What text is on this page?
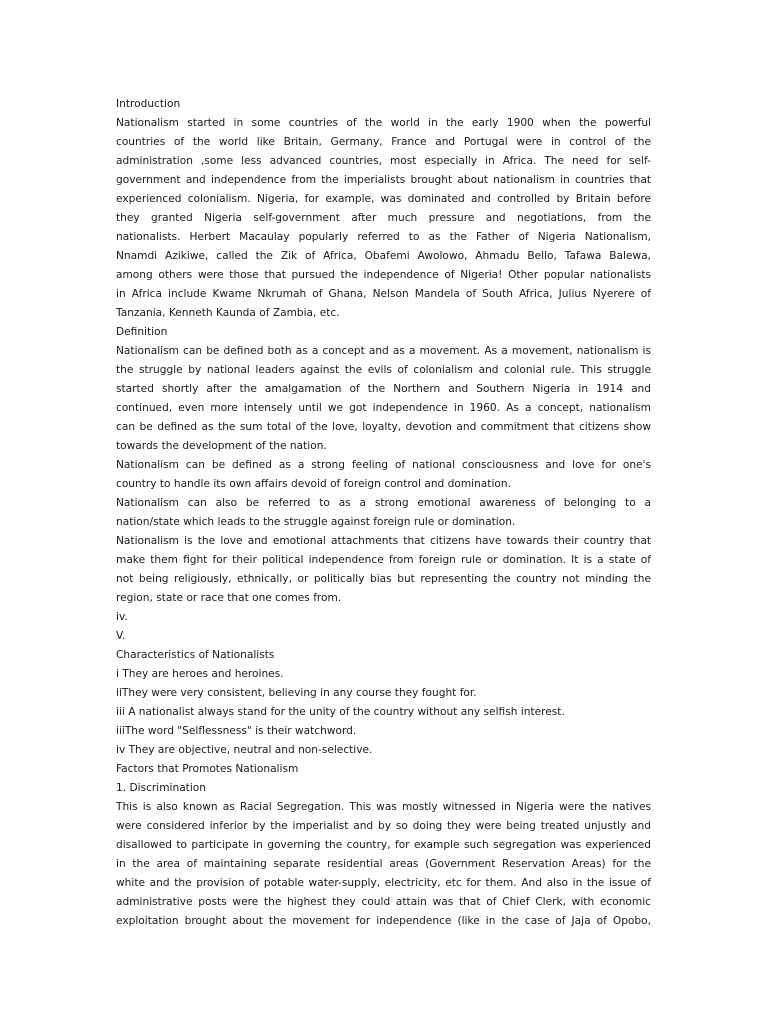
Introduction
Nationalism started in some countries of the world in the early 1900 when the powerful
countries of the world like Britain, Germany, France and Portugal were in control of the
administration ,some less advanced countries, most especially in Africa. The need for self-
government and independence from the imperialists brought about nationalism in countries that
experienced colonialism. Nigeria, for example, was dominated and controlled by Britain before
they granted Nigeria self-government after much pressure and negotiations, from the
nationalists. Herbert Macaulay popularly referred to as the Father of Nigeria Nationalism,
Nnamdi Azikiwe, called the Zik of Africa, Obafemi Awolowo, Ahmadu Bello, Tafawa Balewa,
among others were those that pursued the independence of Nigeria! Other popular nationalists
in Africa include Kwame Nkrumah of Ghana, Nelson Mandela of South Africa, Julius Nyerere of
Tanzania, Kenneth Kaunda of Zambia, etc.
Definition
Nationalism can be defined both as a concept and as a movement. As a movement, nationalism is
the struggle by national leaders against the evils of colonialism and colonial rule. This struggle
started shortly after the amalgamation of the Northern and Southern Nigeria in 1914 and
continued, even more intensely until we got independence in 1960. As a concept, nationalism
can be defined as the sum total of the love, loyalty, devotion and commitment that citizens show
towards the development of the nation.
Nationalism can be defined as a strong feeling of national consciousness and love for one's
country to handle its own affairs devoid of foreign control and domination.
Nationalism can also be referred to as a strong emotional awareness of belonging to a
nation/state which leads to the struggle against foreign rule or domination.
Nationalism is the love and emotional attachments that citizens have towards their country that
make them fight for their political independence from foreign rule or domination. It is a state of
not being religiously, ethnically, or politically bias but representing the country not minding the
region, state or race that one comes from.
iv.
V.
Characteristics of Nationalists
i They are heroes and heroines.
iiThey were very consistent, believing in any course they fought for.
iii A nationalist always stand for the unity of the country without any selfish interest.
iiiThe word "Selflessness" is their watchword.
iv They are objective, neutral and non-selective.
Factors that Promotes Nationalism
1. Discrimination
This is also known as Racial Segregation. This was mostly witnessed in Nigeria were the natives
were considered inferior by the imperialist and by so doing they were being treated unjustly and
disallowed to participate in governing the country, for example such segregation was experienced
in the area of maintaining separate residential areas (Government Reservation Areas) for the
white and the provision of potable water-supply, electricity, etc for them. And also in the issue of
administrative posts were the highest they could attain was that of Chief Clerk, with economic
exploitation brought about the movement for independence (like in the case of Jaja of Opobo,
